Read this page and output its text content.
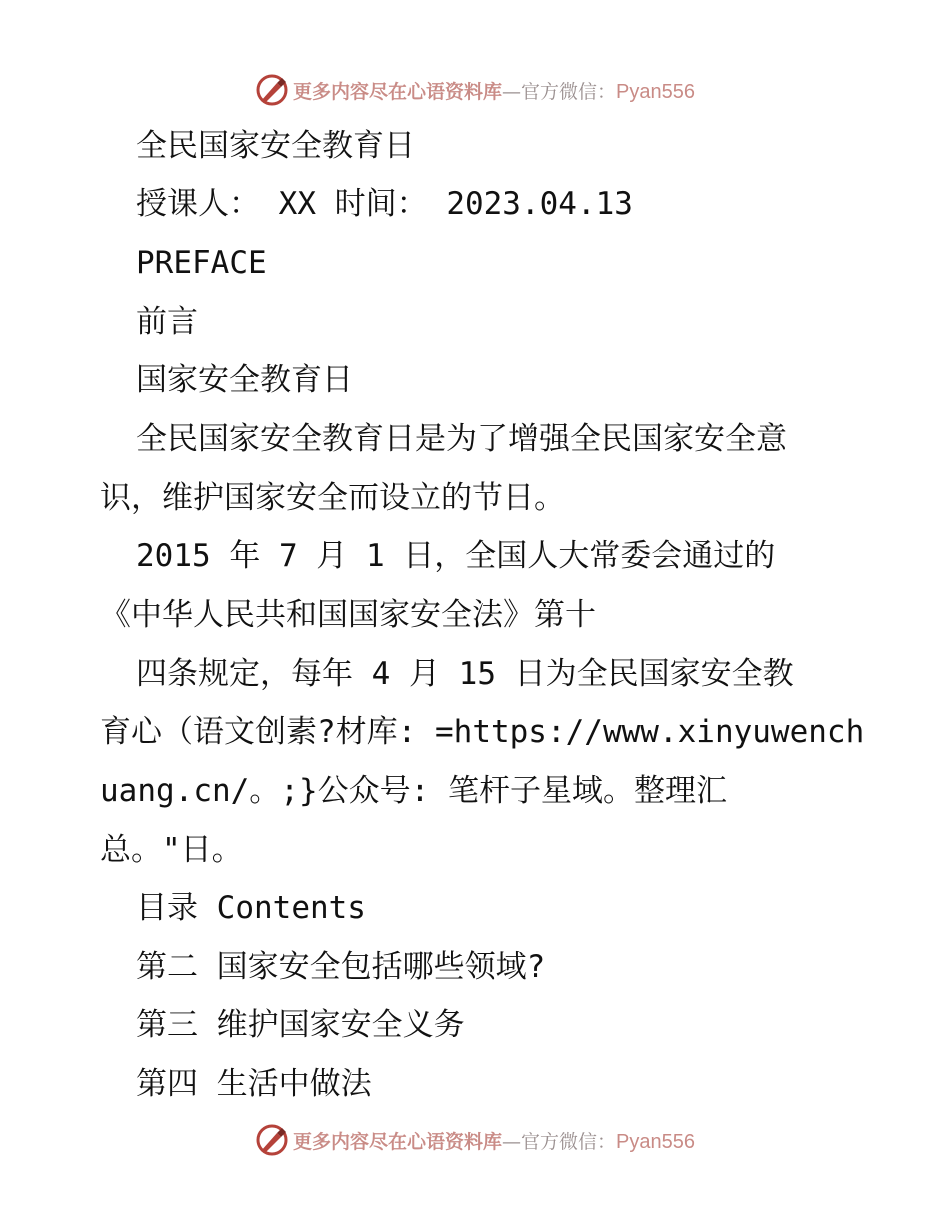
更多内容尽在心语资料库—官方微信：Pyan556
全民国家安全教育日
授课人： XX 时间： 2023.04.13
PREFACE
前言
国家安全教育日
全民国家安全教育日是为了增强全民国家安全意
识，维护国家安全而设立的节日。
2015 年 7 月 1 日，全国人大常委会通过的
《中华人民共和国国家安全法》第十
四条规定，每年 4 月 15 日为全民国家安全教
育心（语文创素?材库: =https://www.xinyuwench
uang.cn/。;}公众号: 笔杆子星域。整理汇
总。"日。
目录 Contents
第二 国家安全包括哪些领域?
第三 维护国家安全义务
第四 生活中做法
更多内容尽在心语资料库—官方微信：Pyan556
